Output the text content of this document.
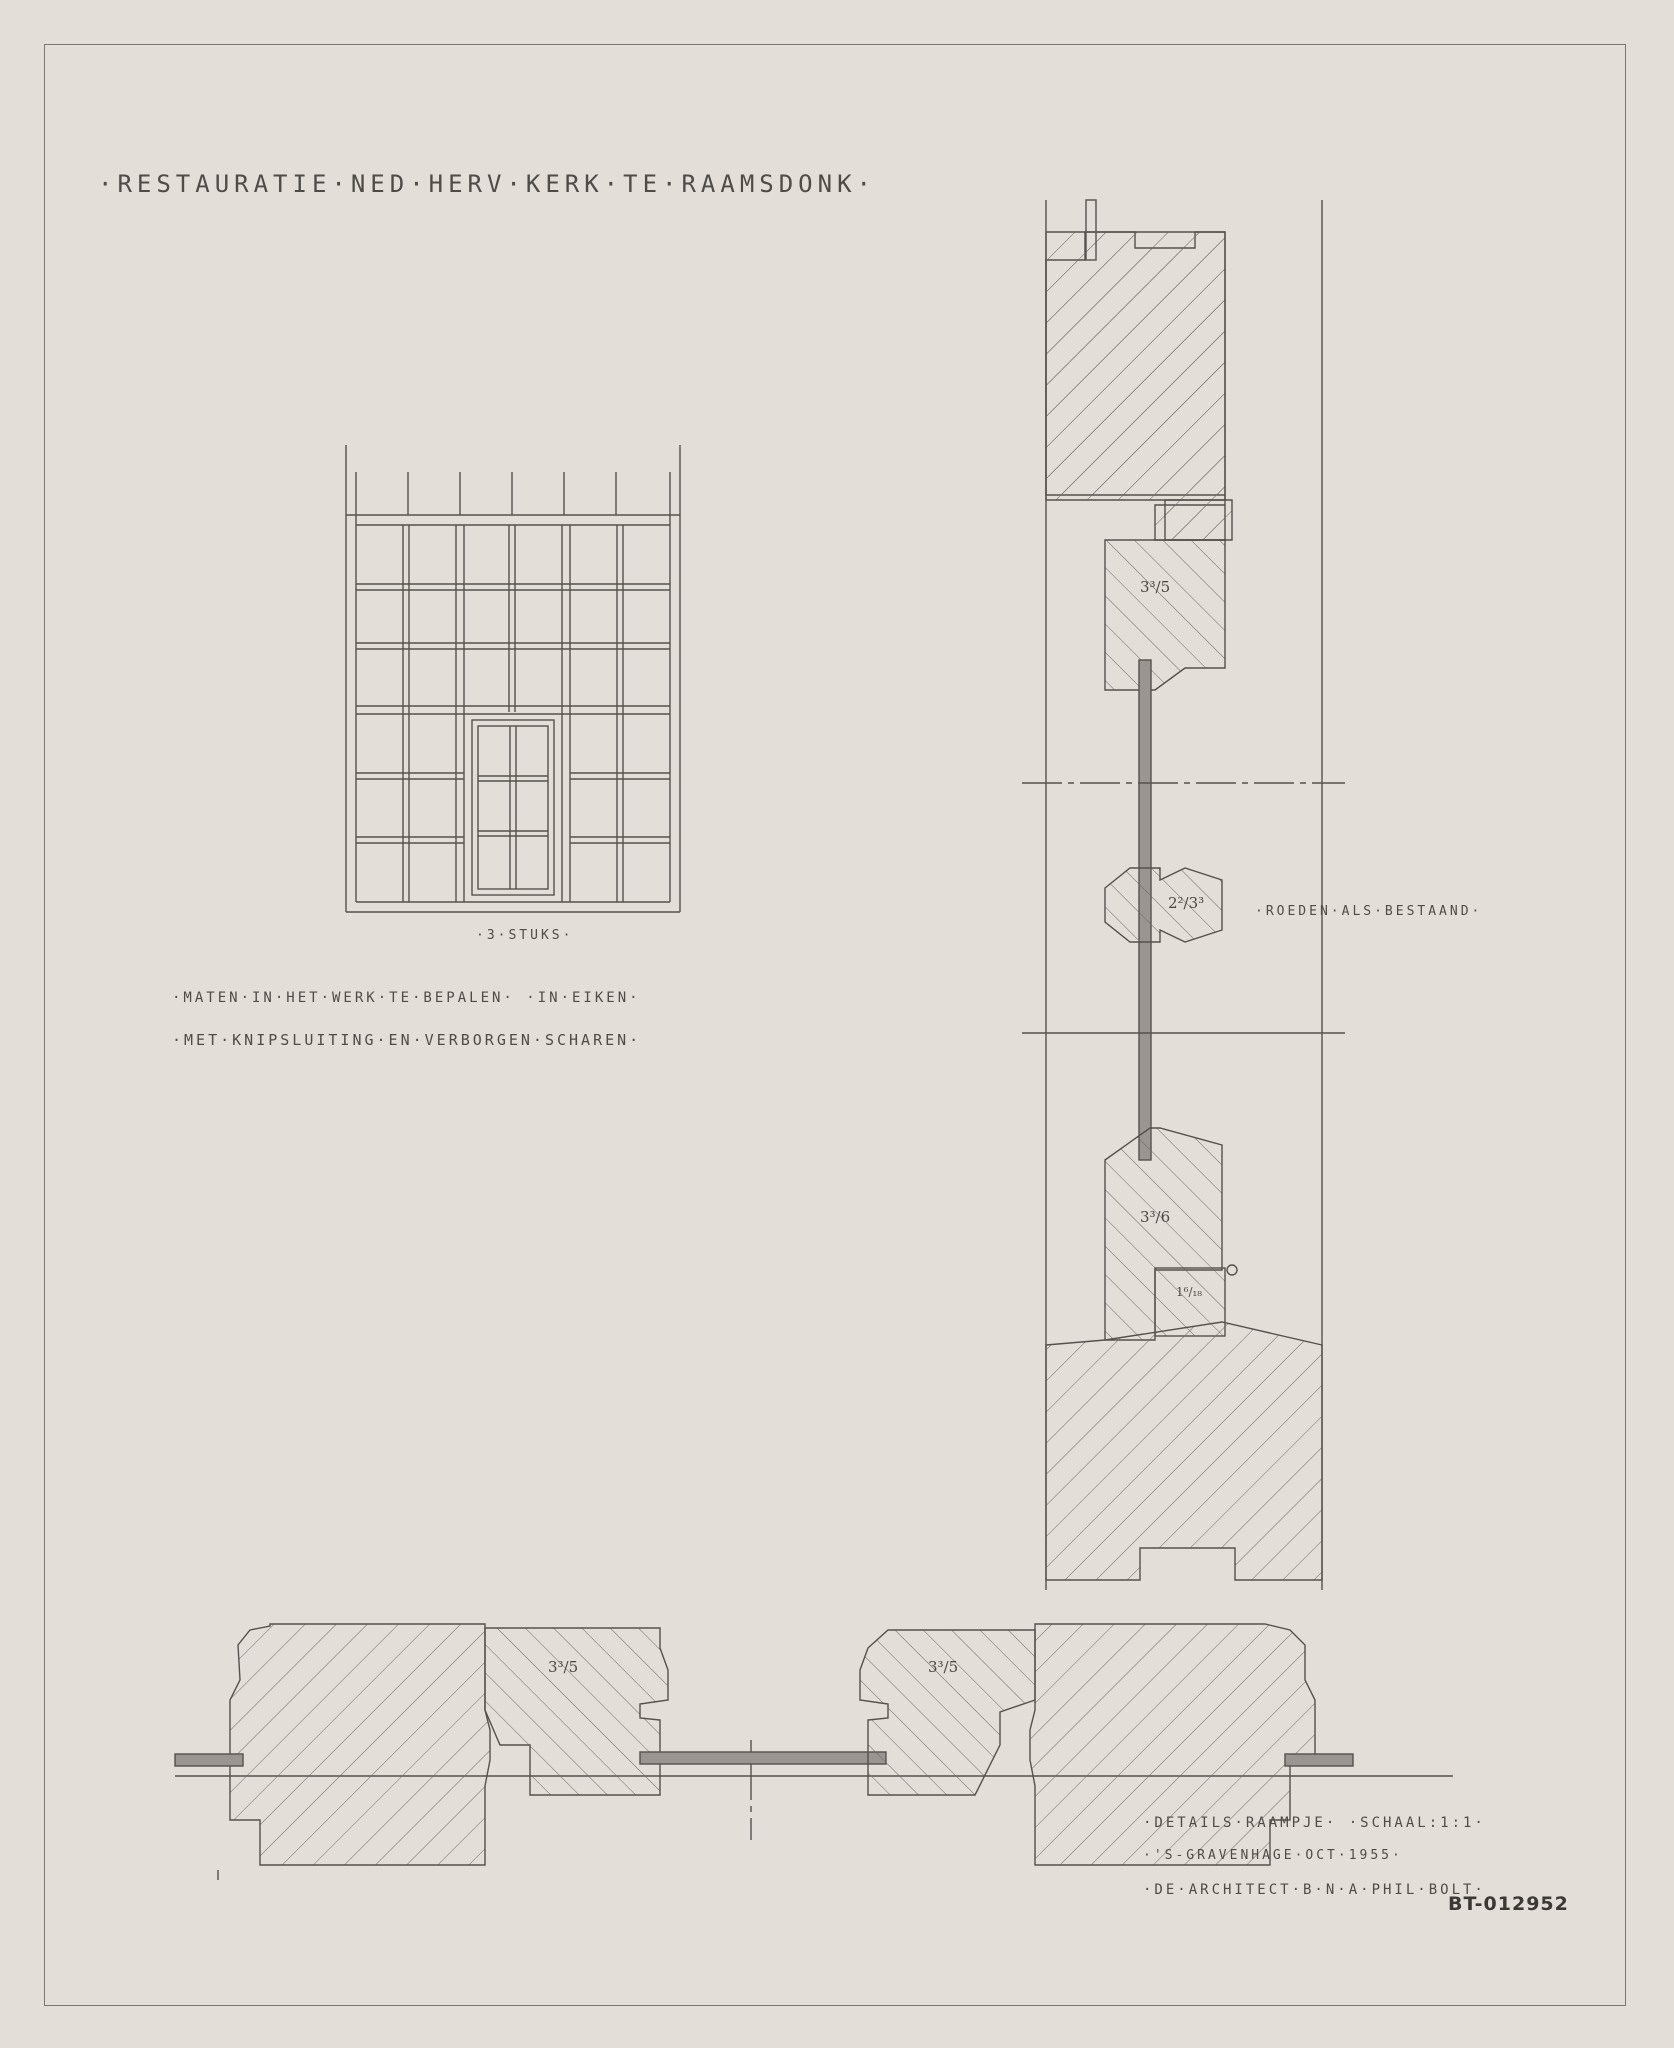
·RESTAURATIE·NED·HERV·KERK·TE·RAAMSDONK·
·3·STUKS·
·MATEN·IN·HET·WERK·TE·BEPALEN· ·IN·EIKEN·
·MET·KNIPSLUITING·EN·VERBORGEN·SCHAREN·
3³/5
2²/3³
3³/6
1⁶/₁₈
·ROEDEN·ALS·BESTAAND·
3³/5	3³/5
·DETAILS·RAAMPJE· ·SCHAAL:1:1·
·'S-GRAVENHAGE·OCT·1955·
·DE·ARCHITECT·B·N·A·PHIL·BOLT·
BT-012952
